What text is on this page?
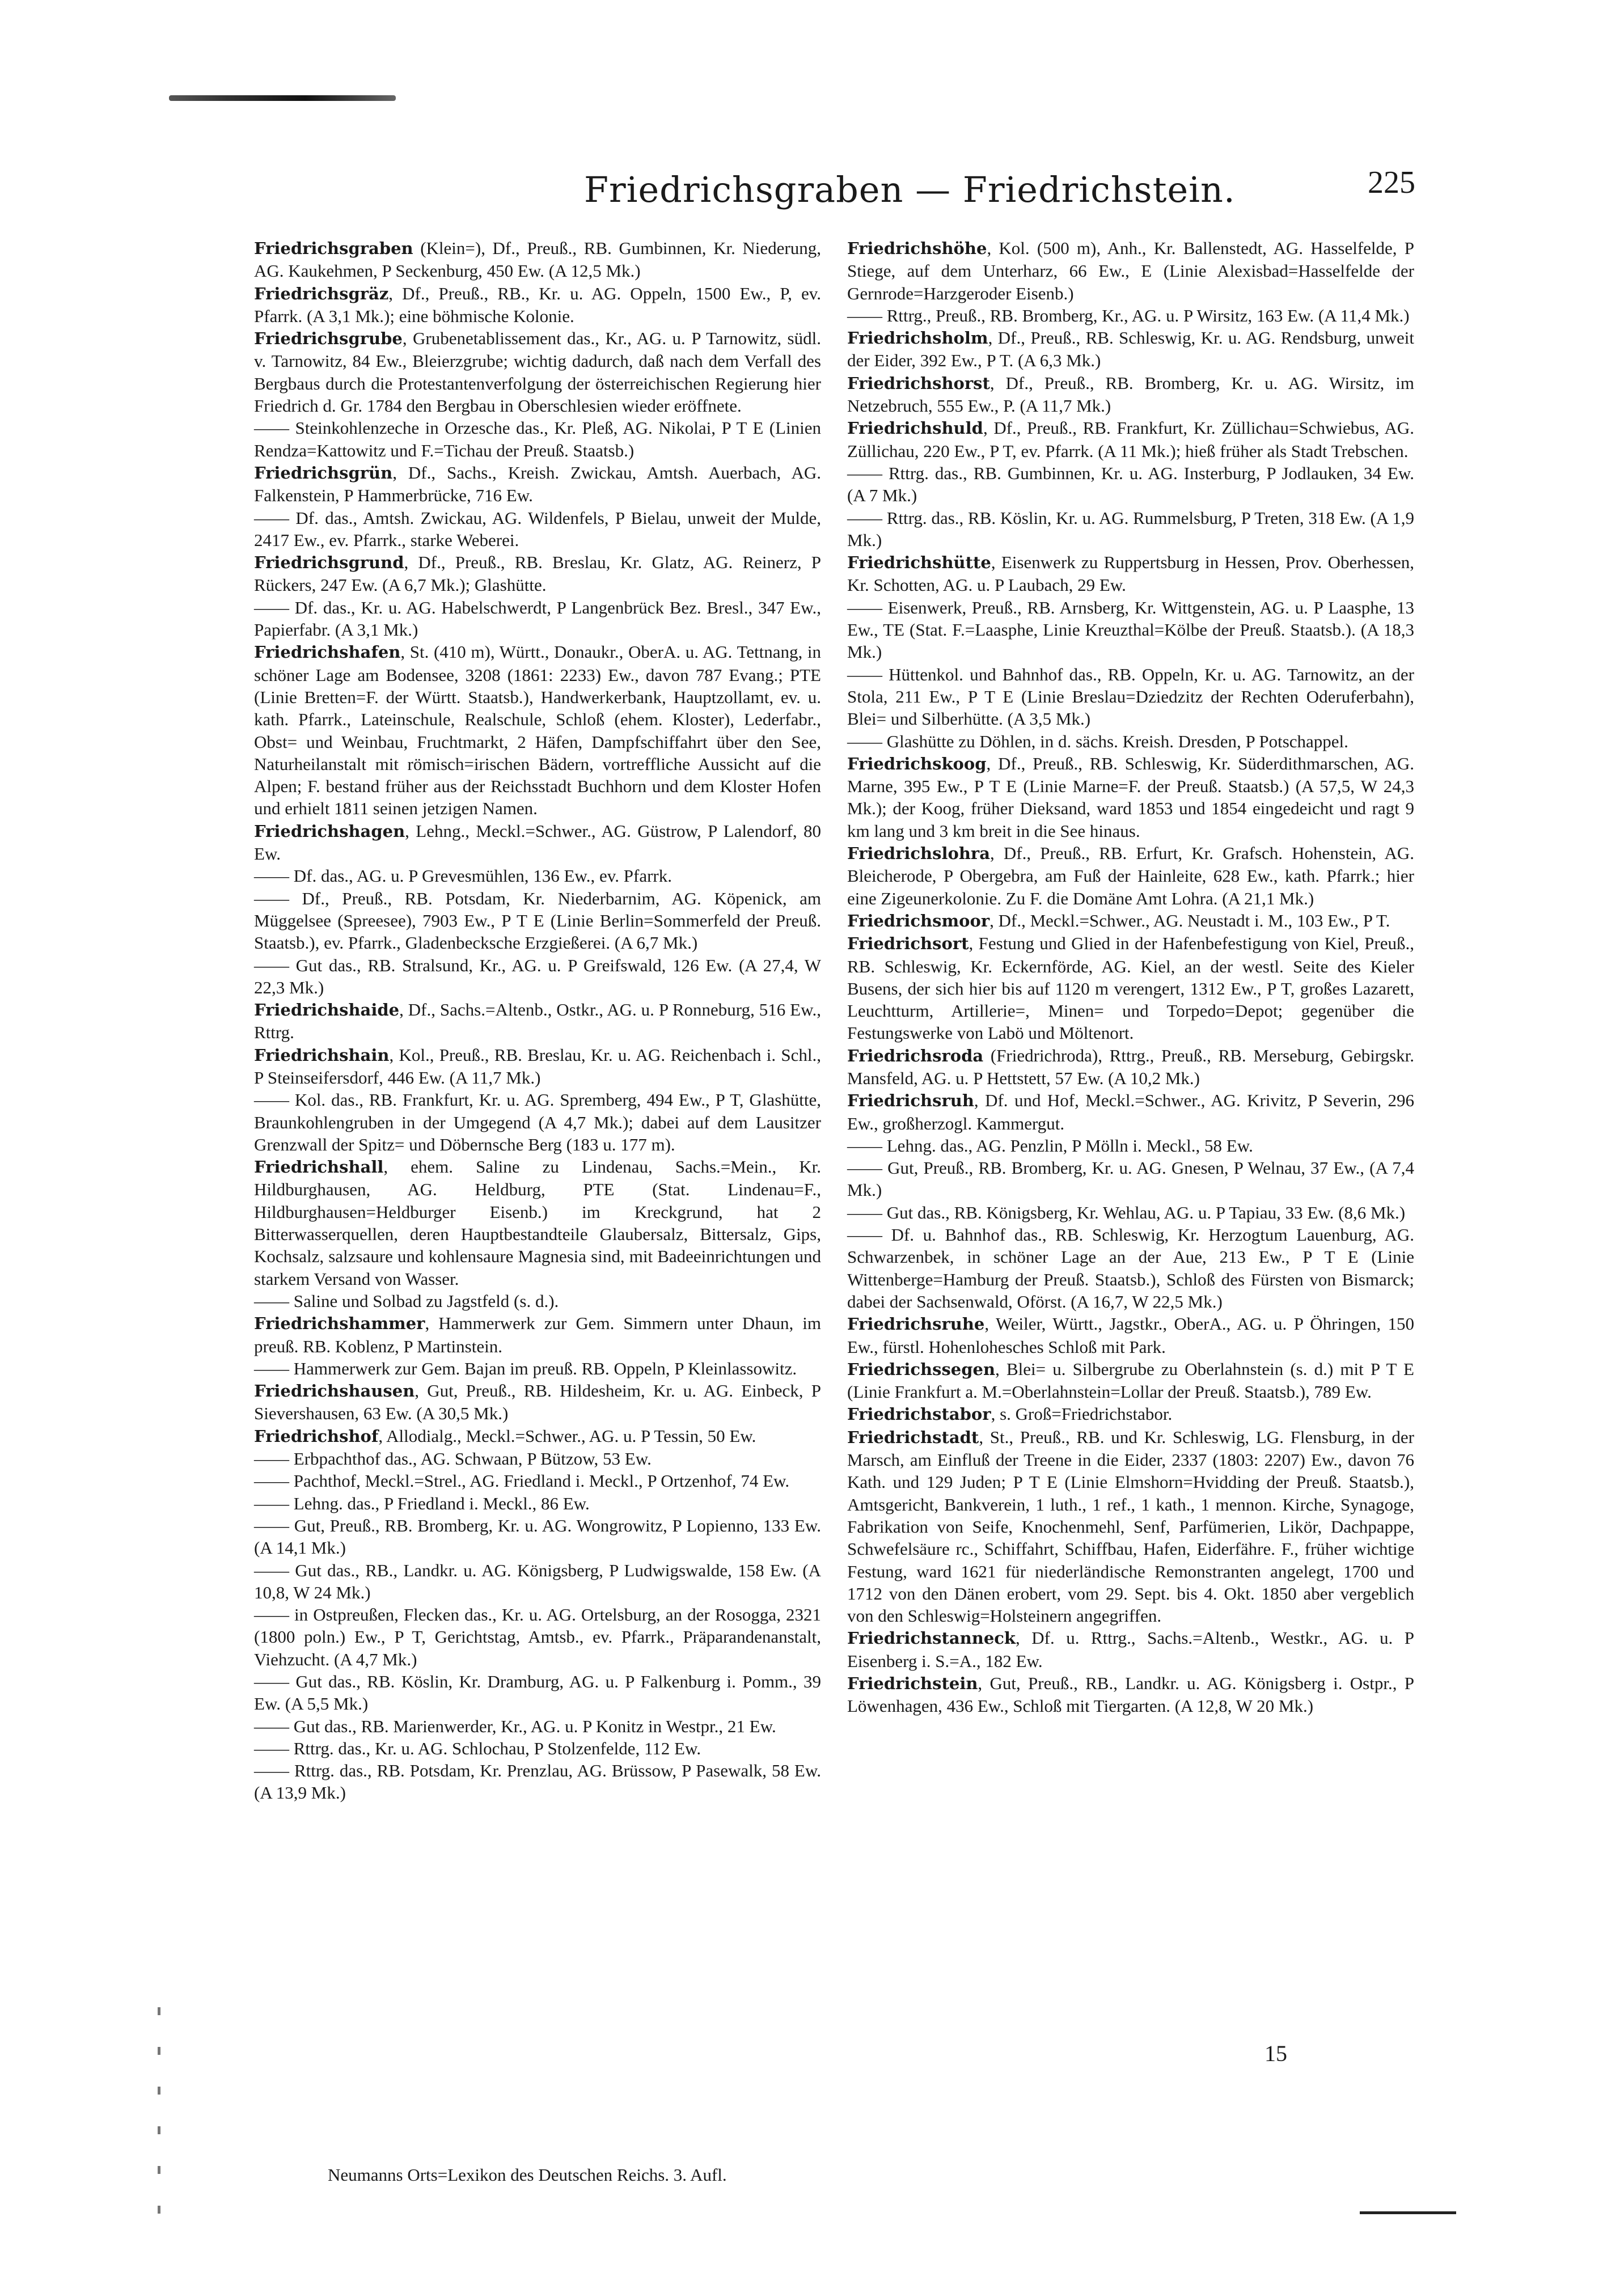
Friedrichsgraben — Friedrichstein.	225

Friedrichsgraben (Klein=), Df., Preuß., RB. Gumbinnen, Kr. Niederung, AG. Kaukehmen, P Seckenburg, 450 Ew. (A 12,5 Mk.)

Friedrichsgräz, Df., Preuß., RB., Kr. u. AG. Oppeln, 1500 Ew., P, ev. Pfarrk. (A 3,1 Mk.); eine böhmische Kolonie.

Friedrichsgrube, Grubenetablissement das., Kr., AG. u. P Tarnowitz, südl. v. Tarnowitz, 84 Ew., Bleierzgrube; wichtig dadurch, daß nach dem Verfall des Bergbaus durch die Protestantenverfolgung der österreichischen Regierung hier Friedrich d. Gr. 1784 den Bergbau in Oberschlesien wieder eröffnete.

—— Steinkohlenzeche in Orzesche das., Kr. Pleß, AG. Nikolai, P T E (Linien Rendza=Kattowitz und F.=Tichau der Preuß. Staatsb.)

Friedrichsgrün, Df., Sachs., Kreish. Zwickau, Amtsh. Auerbach, AG. Falkenstein, P Hammerbrücke, 716 Ew.

—— Df. das., Amtsh. Zwickau, AG. Wildenfels, P Bielau, unweit der Mulde, 2417 Ew., ev. Pfarrk., starke Weberei.

Friedrichsgrund, Df., Preuß., RB. Breslau, Kr. Glatz, AG. Reinerz, P Rückers, 247 Ew. (A 6,7 Mk.); Glashütte.

—— Df. das., Kr. u. AG. Habelschwerdt, P Langenbrück Bez. Bresl., 347 Ew., Papierfabr. (A 3,1 Mk.)

Friedrichshafen, St. (410 m), Württ., Donaukr., OberA. u. AG. Tettnang, in schöner Lage am Bodensee, 3208 (1861: 2233) Ew., davon 787 Evang.; PTE (Linie Bretten=F. der Württ. Staatsb.), Handwerkerbank, Hauptzollamt, ev. u. kath. Pfarrk., Lateinschule, Realschule, Schloß (ehem. Kloster), Lederfabr., Obst= und Weinbau, Fruchtmarkt, 2 Häfen, Dampfschiffahrt über den See, Naturheilanstalt mit römisch=irischen Bädern, vortreffliche Aussicht auf die Alpen; F. bestand früher aus der Reichsstadt Buchhorn und dem Kloster Hofen und erhielt 1811 seinen jetzigen Namen.

Friedrichshagen, Lehng., Meckl.=Schwer., AG. Güstrow, P Lalendorf, 80 Ew.

—— Df. das., AG. u. P Grevesmühlen, 136 Ew., ev. Pfarrk.

—— Df., Preuß., RB. Potsdam, Kr. Niederbarnim, AG. Köpenick, am Müggelsee (Spreesee), 7903 Ew., P T E (Linie Berlin=Sommerfeld der Preuß. Staatsb.), ev. Pfarrk., Gladenbecksche Erzgießerei. (A 6,7 Mk.)

—— Gut das., RB. Stralsund, Kr., AG. u. P Greifswald, 126 Ew. (A 27,4, W 22,3 Mk.)

Friedrichshaide, Df., Sachs.=Altenb., Ostkr., AG. u. P Ronneburg, 516 Ew., Rttrg.

Friedrichshain, Kol., Preuß., RB. Breslau, Kr. u. AG. Reichenbach i. Schl., P Steinseifersdorf, 446 Ew. (A 11,7 Mk.)

—— Kol. das., RB. Frankfurt, Kr. u. AG. Spremberg, 494 Ew., P T, Glashütte, Braunkohlengruben in der Umgegend (A 4,7 Mk.); dabei auf dem Lausitzer Grenzwall der Spitz= und Döbernsche Berg (183 u. 177 m).

Friedrichshall, ehem. Saline zu Lindenau, Sachs.=Mein., Kr. Hildburghausen, AG. Heldburg, PTE (Stat. Lindenau=F., Hildburghausen=Heldburger Eisenb.) im Kreckgrund, hat 2 Bitterwasserquellen, deren Hauptbestandteile Glaubersalz, Bittersalz, Gips, Kochsalz, salzsaure und kohlensaure Magnesia sind, mit Badeeinrichtungen und starkem Versand von Wasser.

—— Saline und Solbad zu Jagstfeld (s. d.).

Friedrichshammer, Hammerwerk zur Gem. Simmern unter Dhaun, im preuß. RB. Koblenz, P Martinstein.

—— Hammerwerk zur Gem. Bajan im preuß. RB. Oppeln, P Kleinlassowitz.

Friedrichshausen, Gut, Preuß., RB. Hildesheim, Kr. u. AG. Einbeck, P Sievershausen, 63 Ew. (A 30,5 Mk.)

Friedrichshof, Allodialg., Meckl.=Schwer., AG. u. P Tessin, 50 Ew.

—— Erbpachthof das., AG. Schwaan, P Bützow, 53 Ew.

—— Pachthof, Meckl.=Strel., AG. Friedland i. Meckl., P Ortzenhof, 74 Ew.

—— Lehng. das., P Friedland i. Meckl., 86 Ew.

—— Gut, Preuß., RB. Bromberg, Kr. u. AG. Wongrowitz, P Lopienno, 133 Ew. (A 14,1 Mk.)

—— Gut das., RB., Landkr. u. AG. Königsberg, P Ludwigswalde, 158 Ew. (A 10,8, W 24 Mk.)

—— in Ostpreußen, Flecken das., Kr. u. AG. Ortelsburg, an der Rosogga, 2321 (1800 poln.) Ew., P T, Gerichtstag, Amtsb., ev. Pfarrk., Präparandenanstalt, Viehzucht. (A 4,7 Mk.)

—— Gut das., RB. Köslin, Kr. Dramburg, AG. u. P Falkenburg i. Pomm., 39 Ew. (A 5,5 Mk.)

—— Gut das., RB. Marienwerder, Kr., AG. u. P Konitz in Westpr., 21 Ew.

—— Rttrg. das., Kr. u. AG. Schlochau, P Stolzenfelde, 112 Ew.

—— Rttrg. das., RB. Potsdam, Kr. Prenzlau, AG. Brüssow, P Pasewalk, 58 Ew. (A 13,9 Mk.)

Friedrichshöhe, Kol. (500 m), Anh., Kr. Ballenstedt, AG. Hasselfelde, P Stiege, auf dem Unterharz, 66 Ew., E (Linie Alexisbad=Hasselfelde der Gernrode=Harzgeroder Eisenb.)

—— Rttrg., Preuß., RB. Bromberg, Kr., AG. u. P Wirsitz, 163 Ew. (A 11,4 Mk.)

Friedrichsholm, Df., Preuß., RB. Schleswig, Kr. u. AG. Rendsburg, unweit der Eider, 392 Ew., P T. (A 6,3 Mk.)

Friedrichshorst, Df., Preuß., RB. Bromberg, Kr. u. AG. Wirsitz, im Netzebruch, 555 Ew., P. (A 11,7 Mk.)

Friedrichshuld, Df., Preuß., RB. Frankfurt, Kr. Züllichau=Schwiebus, AG. Züllichau, 220 Ew., P T, ev. Pfarrk. (A 11 Mk.); hieß früher als Stadt Trebschen.

—— Rttrg. das., RB. Gumbinnen, Kr. u. AG. Insterburg, P Jodlauken, 34 Ew. (A 7 Mk.)

—— Rttrg. das., RB. Köslin, Kr. u. AG. Rummelsburg, P Treten, 318 Ew. (A 1,9 Mk.)

Friedrichshütte, Eisenwerk zu Ruppertsburg in Hessen, Prov. Oberhessen, Kr. Schotten, AG. u. P Laubach, 29 Ew.

—— Eisenwerk, Preuß., RB. Arnsberg, Kr. Wittgenstein, AG. u. P Laasphe, 13 Ew., TE (Stat. F.=Laasphe, Linie Kreuzthal=Kölbe der Preuß. Staatsb.). (A 18,3 Mk.)

—— Hüttenkol. und Bahnhof das., RB. Oppeln, Kr. u. AG. Tarnowitz, an der Stola, 211 Ew., P T E (Linie Breslau=Dziedzitz der Rechten Oderuferbahn), Blei= und Silberhütte. (A 3,5 Mk.)

—— Glashütte zu Döhlen, in d. sächs. Kreish. Dresden, P Potschappel.

Friedrichskoog, Df., Preuß., RB. Schleswig, Kr. Süderdithmarschen, AG. Marne, 395 Ew., P T E (Linie Marne=F. der Preuß. Staatsb.) (A 57,5, W 24,3 Mk.); der Koog, früher Dieksand, ward 1853 und 1854 eingedeicht und ragt 9 km lang und 3 km breit in die See hinaus.

Friedrichslohra, Df., Preuß., RB. Erfurt, Kr. Grafsch. Hohenstein, AG. Bleicherode, P Obergebra, am Fuß der Hainleite, 628 Ew., kath. Pfarrk.; hier eine Zigeunerkolonie. Zu F. die Domäne Amt Lohra. (A 21,1 Mk.)

Friedrichsmoor, Df., Meckl.=Schwer., AG. Neustadt i. M., 103 Ew., P T.

Friedrichsort, Festung und Glied in der Hafenbefestigung von Kiel, Preuß., RB. Schleswig, Kr. Eckernförde, AG. Kiel, an der westl. Seite des Kieler Busens, der sich hier bis auf 1120 m verengert, 1312 Ew., P T, großes Lazarett, Leuchtturm, Artillerie=, Minen= und Torpedo=Depot; gegenüber die Festungswerke von Labö und Möltenort.

Friedrichsroda (Friedrichroda), Rttrg., Preuß., RB. Merseburg, Gebirgskr. Mansfeld, AG. u. P Hettstett, 57 Ew. (A 10,2 Mk.)

Friedrichsruh, Df. und Hof, Meckl.=Schwer., AG. Krivitz, P Severin, 296 Ew., großherzogl. Kammergut.

—— Lehng. das., AG. Penzlin, P Mölln i. Meckl., 58 Ew.

—— Gut, Preuß., RB. Bromberg, Kr. u. AG. Gnesen, P Welnau, 37 Ew., (A 7,4 Mk.)

—— Gut das., RB. Königsberg, Kr. Wehlau, AG. u. P Tapiau, 33 Ew. (8,6 Mk.)

—— Df. u. Bahnhof das., RB. Schleswig, Kr. Herzogtum Lauenburg, AG. Schwarzenbek, in schöner Lage an der Aue, 213 Ew., P T E (Linie Wittenberge=Hamburg der Preuß. Staatsb.), Schloß des Fürsten von Bismarck; dabei der Sachsenwald, Oförst. (A 16,7, W 22,5 Mk.)

Friedrichsruhe, Weiler, Württ., Jagstkr., OberA., AG. u. P Öhringen, 150 Ew., fürstl. Hohenlohesches Schloß mit Park.

Friedrichssegen, Blei= u. Silbergrube zu Oberlahnstein (s. d.) mit P T E (Linie Frankfurt a. M.=Oberlahnstein=Lollar der Preuß. Staatsb.), 789 Ew.

Friedrichstabor, s. Groß=Friedrichstabor.

Friedrichstadt, St., Preuß., RB. und Kr. Schleswig, LG. Flensburg, in der Marsch, am Einfluß der Treene in die Eider, 2337 (1803: 2207) Ew., davon 76 Kath. und 129 Juden; P T E (Linie Elmshorn=Hvidding der Preuß. Staatsb.), Amtsgericht, Bankverein, 1 luth., 1 ref., 1 kath., 1 mennon. Kirche, Synagoge, Fabrikation von Seife, Knochenmehl, Senf, Parfümerien, Likör, Dachpappe, Schwefelsäure rc., Schiffahrt, Schiffbau, Hafen, Eiderfähre. F., früher wichtige Festung, ward 1621 für niederländische Remonstranten angelegt, 1700 und 1712 von den Dänen erobert, vom 29. Sept. bis 4. Okt. 1850 aber vergeblich von den Schleswig=Holsteinern angegriffen.

Friedrichstanneck, Df. u. Rttrg., Sachs.=Altenb., Westkr., AG. u. P Eisenberg i. S.=A., 182 Ew.

Friedrichstein, Gut, Preuß., RB., Landkr. u. AG. Königsberg i. Ostpr., P Löwenhagen, 436 Ew., Schloß mit Tiergarten. (A 12,8, W 20 Mk.)

15
Neumanns Orts=Lexikon des Deutschen Reichs. 3. Aufl.
